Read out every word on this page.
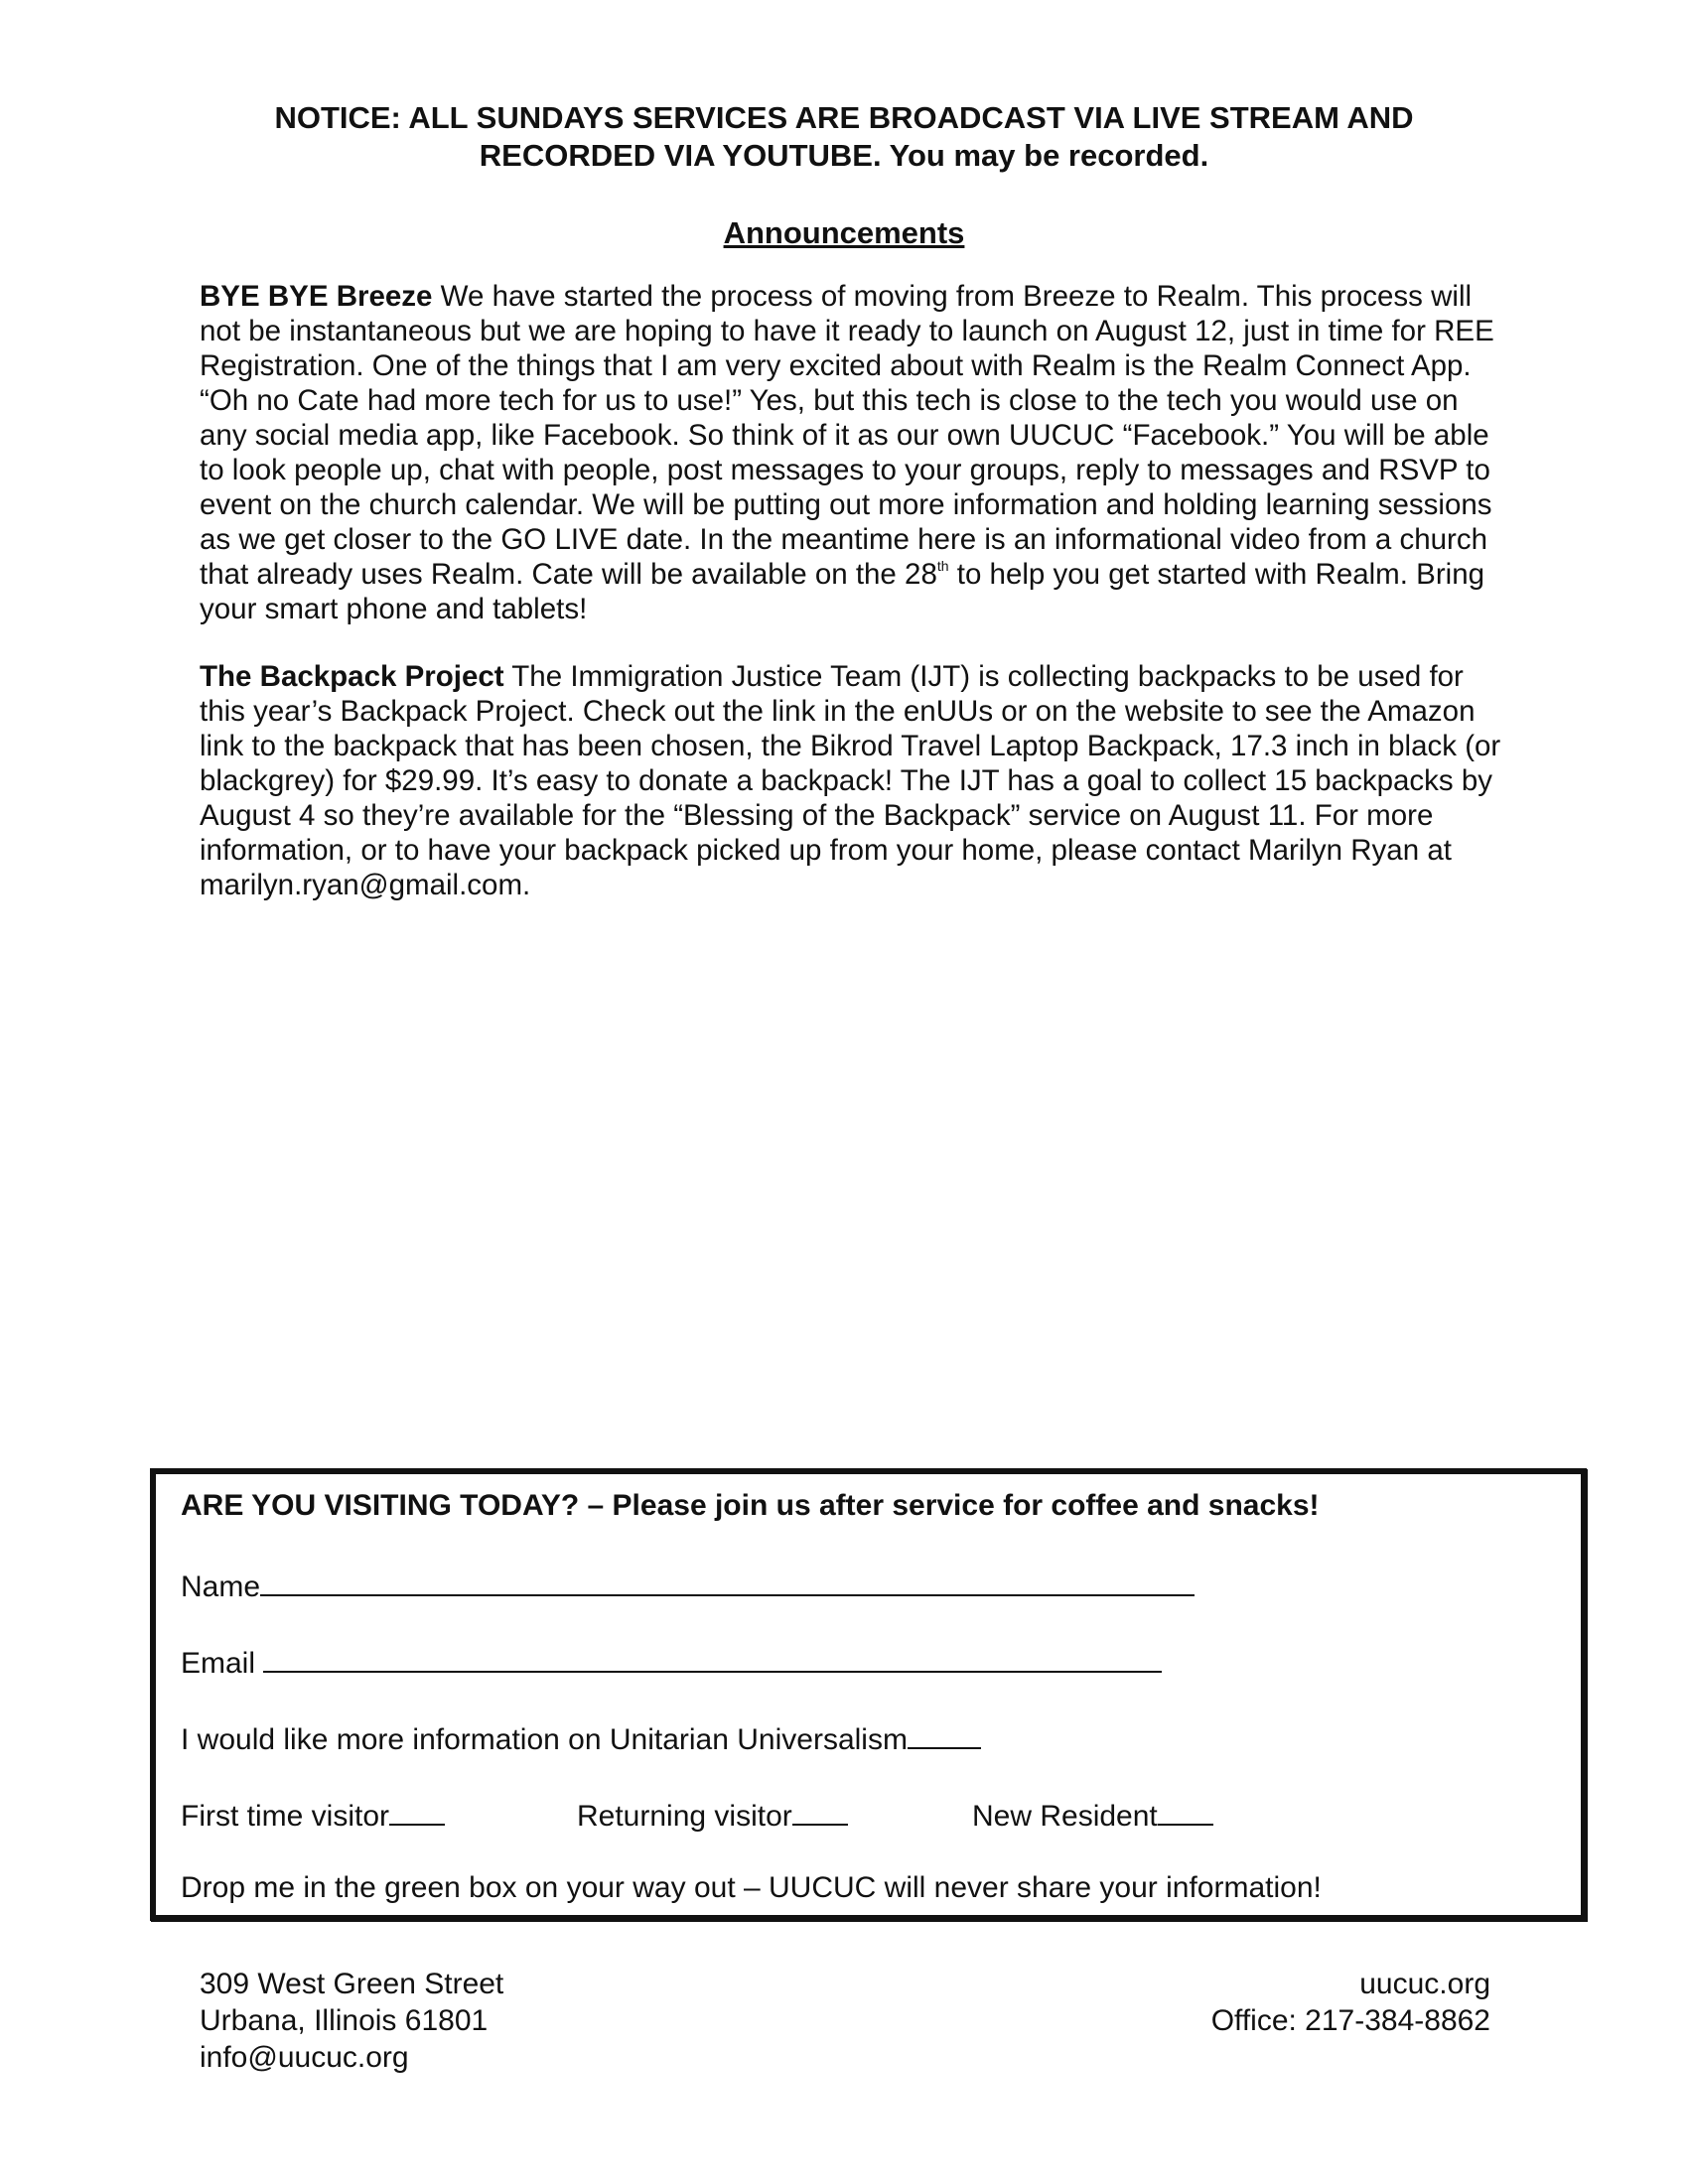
NOTICE: ALL SUNDAYS SERVICES ARE BROADCAST VIA LIVE STREAM AND
RECORDED VIA YOUTUBE. You may be recorded.
Announcements

BYE BYE Breeze We have started the process of moving from Breeze to Realm. This process will not be instantaneous but we are hoping to have it ready to launch on August 12, just in time for REE Registration. One of the things that I am very excited about with Realm is the Realm Connect App. “Oh no Cate had more tech for us to use!” Yes, but this tech is close to the tech you would use on any social media app, like Facebook. So think of it as our own UUCUC “Facebook.” You will be able to look people up, chat with people, post messages to your groups, reply to messages and RSVP to event on the church calendar. We will be putting out more information and holding learning sessions as we get closer to the GO LIVE date. In the meantime here is an informational video from a church that already uses Realm. Cate will be available on the 28th to help you get started with Realm. Bring your smart phone and tablets!

The Backpack Project The Immigration Justice Team (IJT) is collecting backpacks to be used for this year’s Backpack Project. Check out the link in the enUUs or on the website to see the Amazon link to the backpack that has been chosen, the Bikrod Travel Laptop Backpack, 17.3 inch in black (or blackgrey) for $29.99. It’s easy to donate a backpack! The IJT has a goal to collect 15 backpacks by August 4 so they’re available for the “Blessing of the Backpack” service on August 11. For more information, or to have your backpack picked up from your home, please contact Marilyn Ryan at marilyn.ryan@gmail.com.

ARE YOU VISITING TODAY? – Please join us after service for coffee and snacks!
Name
Email
I would like more information on Unitarian Universalism
First time visitor	Returning visitor	New Resident
Drop me in the green box on your way out – UUCUC will never share your information!
309 West Green Street
Urbana, Illinois 61801
info@uucuc.org
uucuc.org
Office: 217-384-8862
